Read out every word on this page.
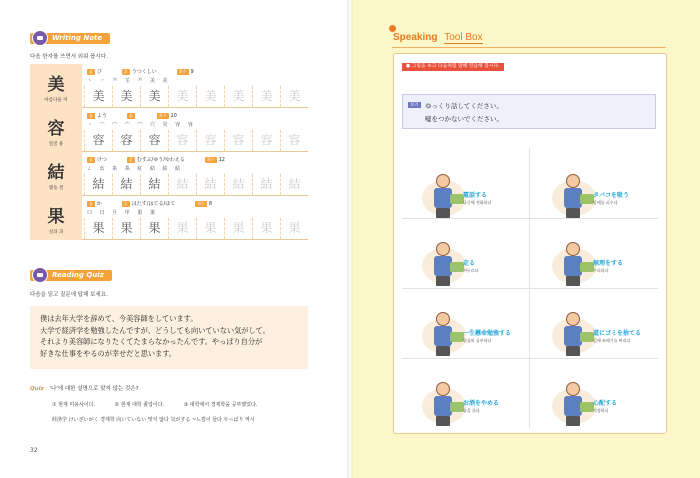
Writing Note
다음 한자를 쓰면서 외워 봅시다.
美
아름다울 미
음 び	훈 うつくしい	획수 9
丶 丷 ⺷ 𦍌 ⺷ 美 美
美	美	美	美	美	美	美	美
容
얼굴 용
음 よう	훈	획수 10
丶 宀 宀 宀 宀 穴 灾 容 容
容	容	容	容	容	容	容	容
結
맺을 결
음 けつ	훈 むすぶ/ゆう/ゆわえる	획수 12
ㄥ 幺 糸 糸 紅 結 結 結
結	結	結	結	結	結	結	結
果
실과 과
음 か	훈 はたす/はてる/はて	획수 8
口 日 旦 甲 果 果
果	果	果	果	果	果	果	果
Reading Quiz
다음을 읽고 질문에 답해 보세요.

僕は去年大学を辞めて、今美容師をしています。

大学で経済学を勉強したんですが、どうしても向いていない気がして。

それより美容師になりたくてたまらなかったんです。やっぱり自分が

好きな仕事をやるのが幸せだと思います。

Quiz '나'에 대한 설명으로 맞지 않는 것은?
① 현재 미용사이다.	② 현재 대학 졸업이다.	③ 대학에서 경제학을 공부했었다.
経済学 けいざいがく 경제학 向いていない 맞지 않다 気がする ~느낌이 들다 やっぱり 역시
32
Speaking Tool Box
● 그림을 보고 다음처럼 말해 연습해 봅시다.
보기 ゆっくり話してください。
嘘をつかないでください。
電話する
나중에 전화하다
タバコを吸う
담배를 피우다
走る
서두르다
無理をする
무리하다
一生懸命勉強する
열심히 공부하다
道にゴミを捨てる
길에 쓰레기를 버리다
お酒をやめる
술을 끊다
心配する
걱정하다
